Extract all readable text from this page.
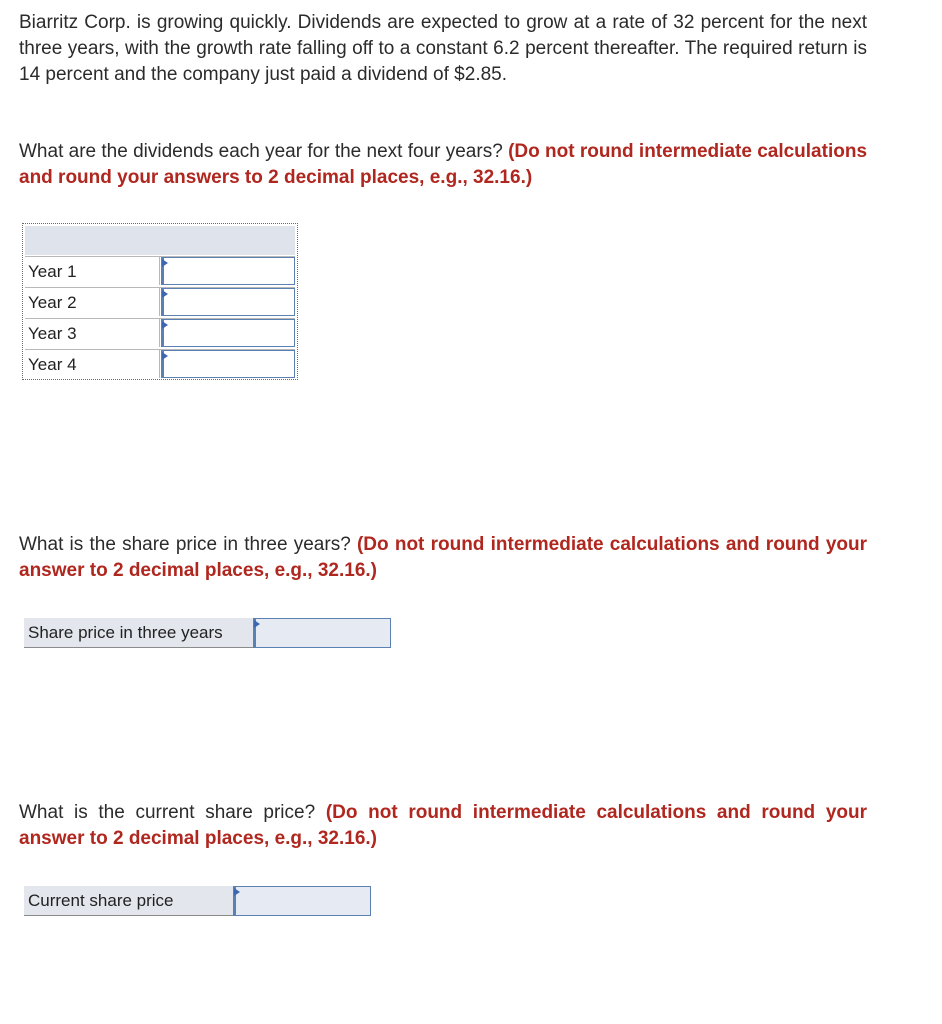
Biarritz Corp. is growing quickly. Dividends are expected to grow at a rate of 32 percent for the next three years, with the growth rate falling off to a constant 6.2 percent thereafter. The required return is 14 percent and the company just paid a dividend of $2.85.

What are the dividends each year for the next four years? (Do not round intermediate calculations and round your answers to 2 decimal places, e.g., 32.16.)

Year 1
Year 2
Year 3
Year 4

What is the share price in three years? (Do not round intermediate calculations and round your answer to 2 decimal places, e.g., 32.16.)

Share price in three years

What is the current share price? (Do not round intermediate calculations and round your answer to 2 decimal places, e.g., 32.16.)

Current share price
